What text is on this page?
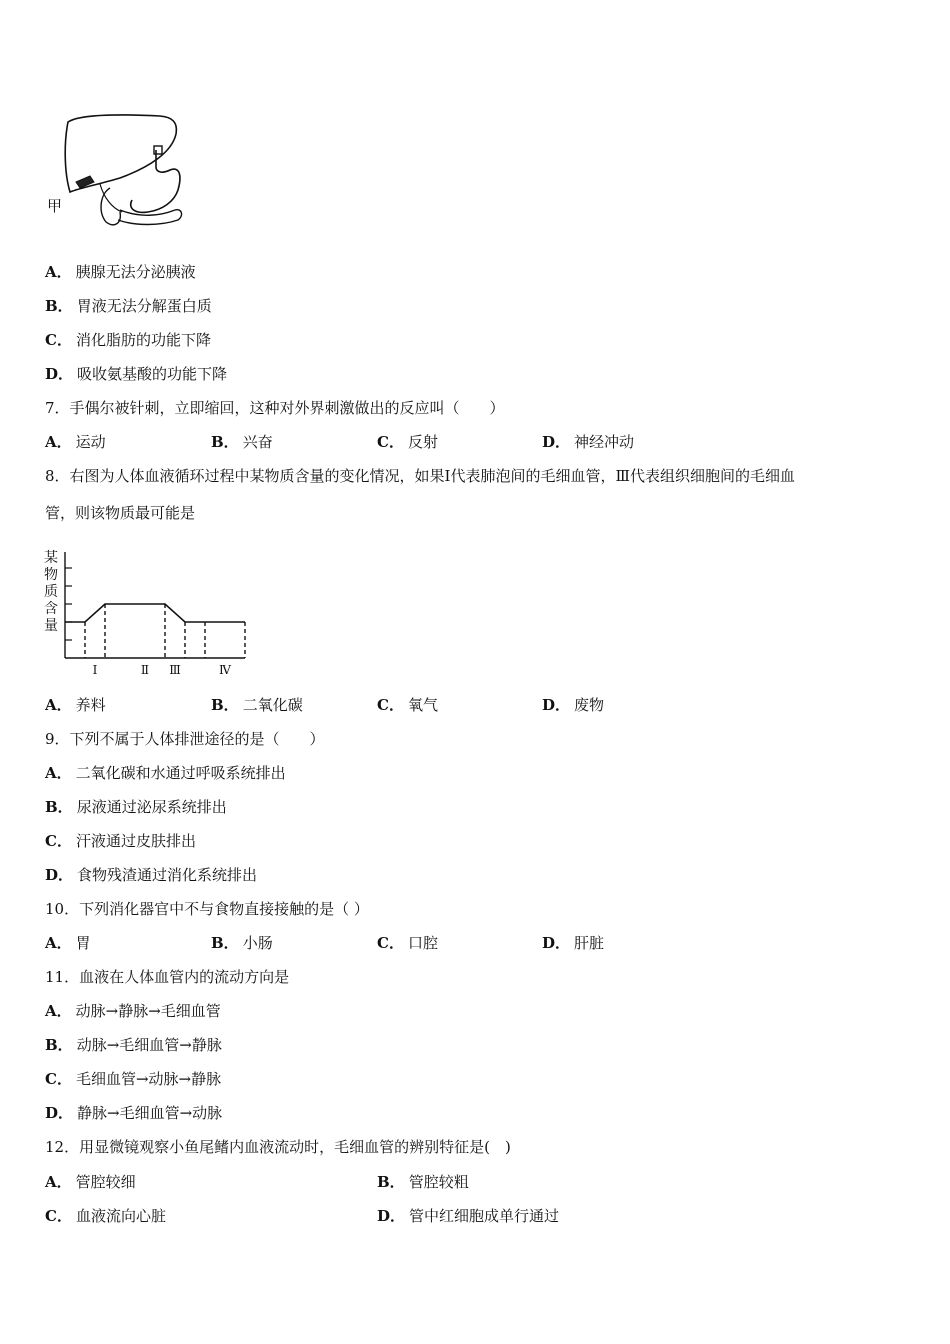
甲
A． 胰腺无法分泌胰液
B． 胃液无法分解蛋白质
C． 消化脂肪的功能下降
D． 吸收氨基酸的功能下降
7．手偶尔被针刺，立即缩回，这种对外界刺激做出的反应叫（　　）
A． 运动	B． 兴奋	C． 反射	D． 神经冲动
8．右图为人体血液循环过程中某物质含量的变化情况，如果Ⅰ代表肺泡间的毛细血管，Ⅲ代表组织细胞间的毛细血
管，则该物质最可能是
某
物
质
含
量
Ⅰ	Ⅱ Ⅲ	Ⅳ
A． 养料	B． 二氧化碳	C． 氧气	D． 废物
9．下列不属于人体排泄途径的是（　　）
A． 二氧化碳和水通过呼吸系统排出
B． 尿液通过泌尿系统排出
C． 汗液通过皮肤排出
D． 食物残渣通过消化系统排出
10．下列消化器官中不与食物直接接触的是（ ）
A． 胃	B． 小肠	C． 口腔	D． 肝脏
11．血液在人体血管内的流动方向是
A． 动脉→静脉→毛细血管
B． 动脉→毛细血管→静脉
C． 毛细血管→动脉→静脉
D． 静脉→毛细血管→动脉
12．用显微镜观察小鱼尾鳍内血液流动时，毛细血管的辨别特征是(　)
A． 管腔较细	B． 管腔较粗
C． 血液流向心脏	D． 管中红细胞成单行通过
